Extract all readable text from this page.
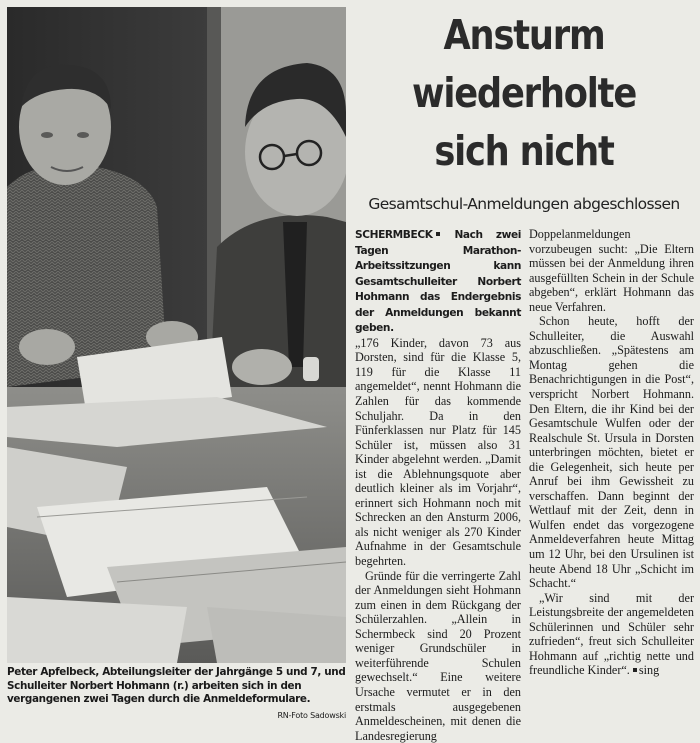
Peter Apfelbeck, Abteilungsleiter der Jahrgänge 5 und 7, und Schulleiter Norbert Hohmann (r.) arbeiten sich in den vergangenen zwei Tagen durch die Anmeldeformulare.
RN-Foto Sadowski
Ansturm
wiederholte
sich nicht
Gesamtschul-Anmeldungen abgeschlossen

SCHERMBECK Nach zwei Tagen Marathon-Arbeitssitzungen kann Gesamtschulleiter Norbert Hohmann das Endergebnis der Anmeldungen bekannt geben.

„176 Kinder, davon 73 aus Dorsten, sind für die Klasse 5, 119 für die Klasse 11 angemeldet“, nennt Hohmann die Zahlen für das kommende Schuljahr. Da in den Fünferklassen nur Platz für 145 Schüler ist, müssen also 31 Kinder abgelehnt werden. „Damit ist die Ablehnungsquote aber deutlich kleiner als im Vorjahr“, erinnert sich Hohmann noch mit Schrecken an den Ansturm 2006, als nicht weniger als 270 Kinder Aufnahme in der Gesamtschule begehrten.

Gründe für die verringerte Zahl der Anmeldungen sieht Hohmann zum einen in dem Rückgang der Schülerzahlen. „Allein in Schermbeck sind 20 Prozent weniger Grundschüler in weiterführende Schulen gewechselt.“ Eine weitere Ursache vermutet er in den erstmals ausgegebenen Anmeldescheinen, mit denen die Landesregierung

Doppelanmeldungen vorzubeugen sucht: „Die Eltern müssen bei der Anmeldung ihren ausgefüllten Schein in der Schule abgeben“, erklärt Hohmann das neue Verfahren.

Schon heute, hofft der Schulleiter, die Auswahl abzuschließen. „Spätestens am Montag gehen die Benachrichtigungen in die Post“, verspricht Norbert Hohmann. Den Eltern, die ihr Kind bei der Gesamtschule Wulfen oder der Realschule St. Ursula in Dorsten unterbringen möchten, bietet er die Gelegenheit, sich heute per Anruf bei ihm Gewissheit zu verschaffen. Dann beginnt der Wettlauf mit der Zeit, denn in Wulfen endet das vorgezogene Anmeldeverfahren heute Mittag um 12 Uhr, bei den Ursulinen ist heute Abend 18 Uhr „Schicht im Schacht.“

„Wir sind mit der Leistungsbreite der angemeldeten Schülerinnen und Schüler sehr zufrieden“, freut sich Schulleiter Hohmann auf „richtig nette und freundliche Kinder“. sing
